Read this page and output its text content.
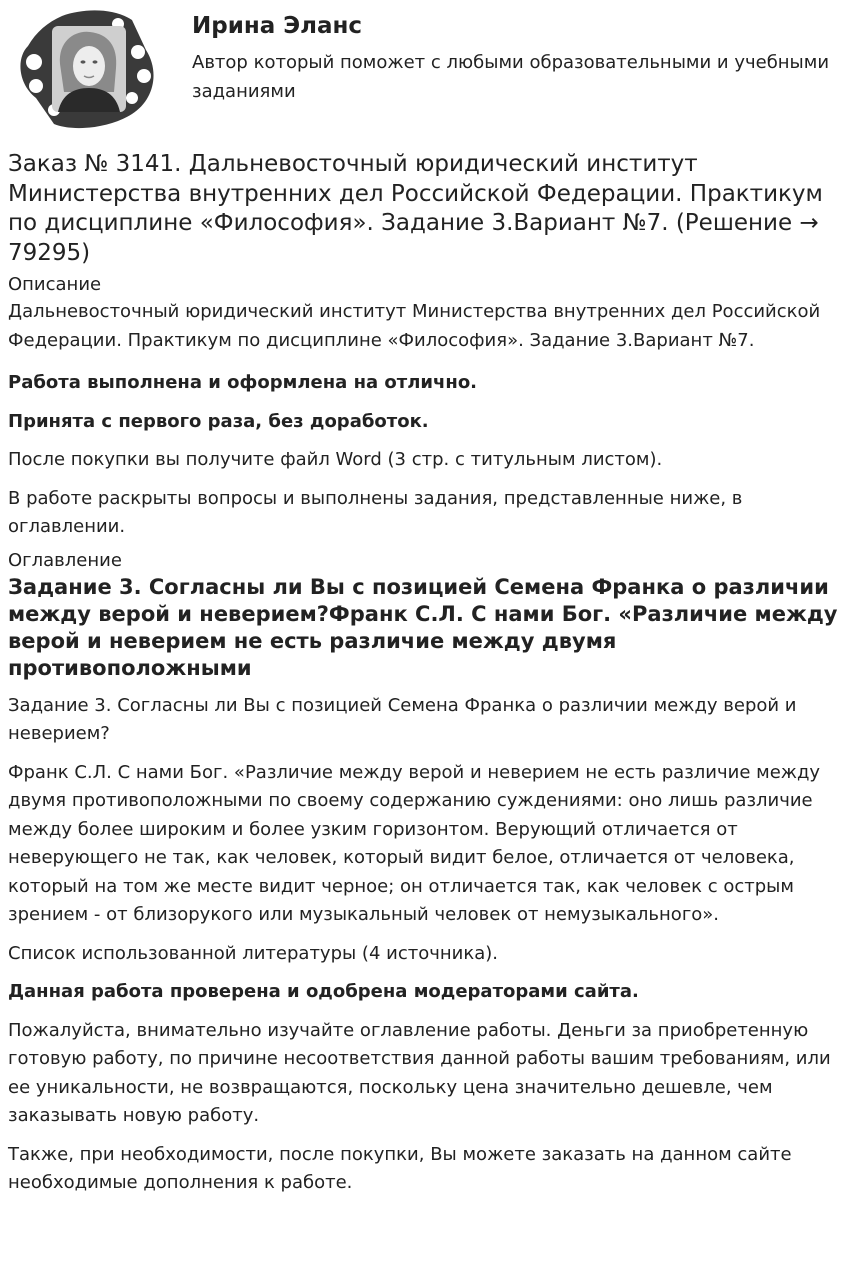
Ирина Эланс

Автор который поможет с любыми образовательными и учебными заданиями

Заказ № 3141. Дальневосточный юридический институт Министерства внутренних дел Российской Федерации. Практикум по дисциплине «Философия». Задание 3.Вариант №7. (Решение → 79295)
Описание

Дальневосточный юридический институт Министерства внутренних дел Российской Федерации. Практикум по дисциплине «Философия». Задание 3.Вариант №7.

Работа выполнена и оформлена на отлично.

Принята с первого раза, без доработок.

После покупки вы получите файл Word (3 стр. с титульным листом).

В работе раскрыты вопросы и выполнены задания, представленные ниже, в оглавлении.

Оглавление
Задание 3. Согласны ли Вы с позицией Семена Франка о различии между верой и неверием?Франк С.Л. С нами Бог. «Различие между верой и неверием не есть различие между двумя противоположными

Задание 3. Согласны ли Вы с позицией Семена Франка о различии между верой и неверием?

Франк С.Л. С нами Бог. «Различие между верой и неверием не есть различие между двумя противоположными по своему содержанию суждениями: оно лишь различие между более широким и более узким горизонтом. Верующий отличается от неверующего не так, как человек, который видит белое, отличается от человека, который на том же месте видит черное; он отличается так, как человек с острым зрением - от близорукого или музыкальный человек от немузыкального».

Список использованной литературы (4 источника).

Данная работа проверена и одобрена модераторами сайта.

Пожалуйста, внимательно изучайте оглавление работы. Деньги за приобретенную готовую работу, по причине несоответствия данной работы вашим требованиям, или ее уникальности, не возвращаются, поскольку цена значительно дешевле, чем заказывать новую работу.

Также, при необходимости, после покупки, Вы можете заказать на данном сайте необходимые дополнения к работе.
